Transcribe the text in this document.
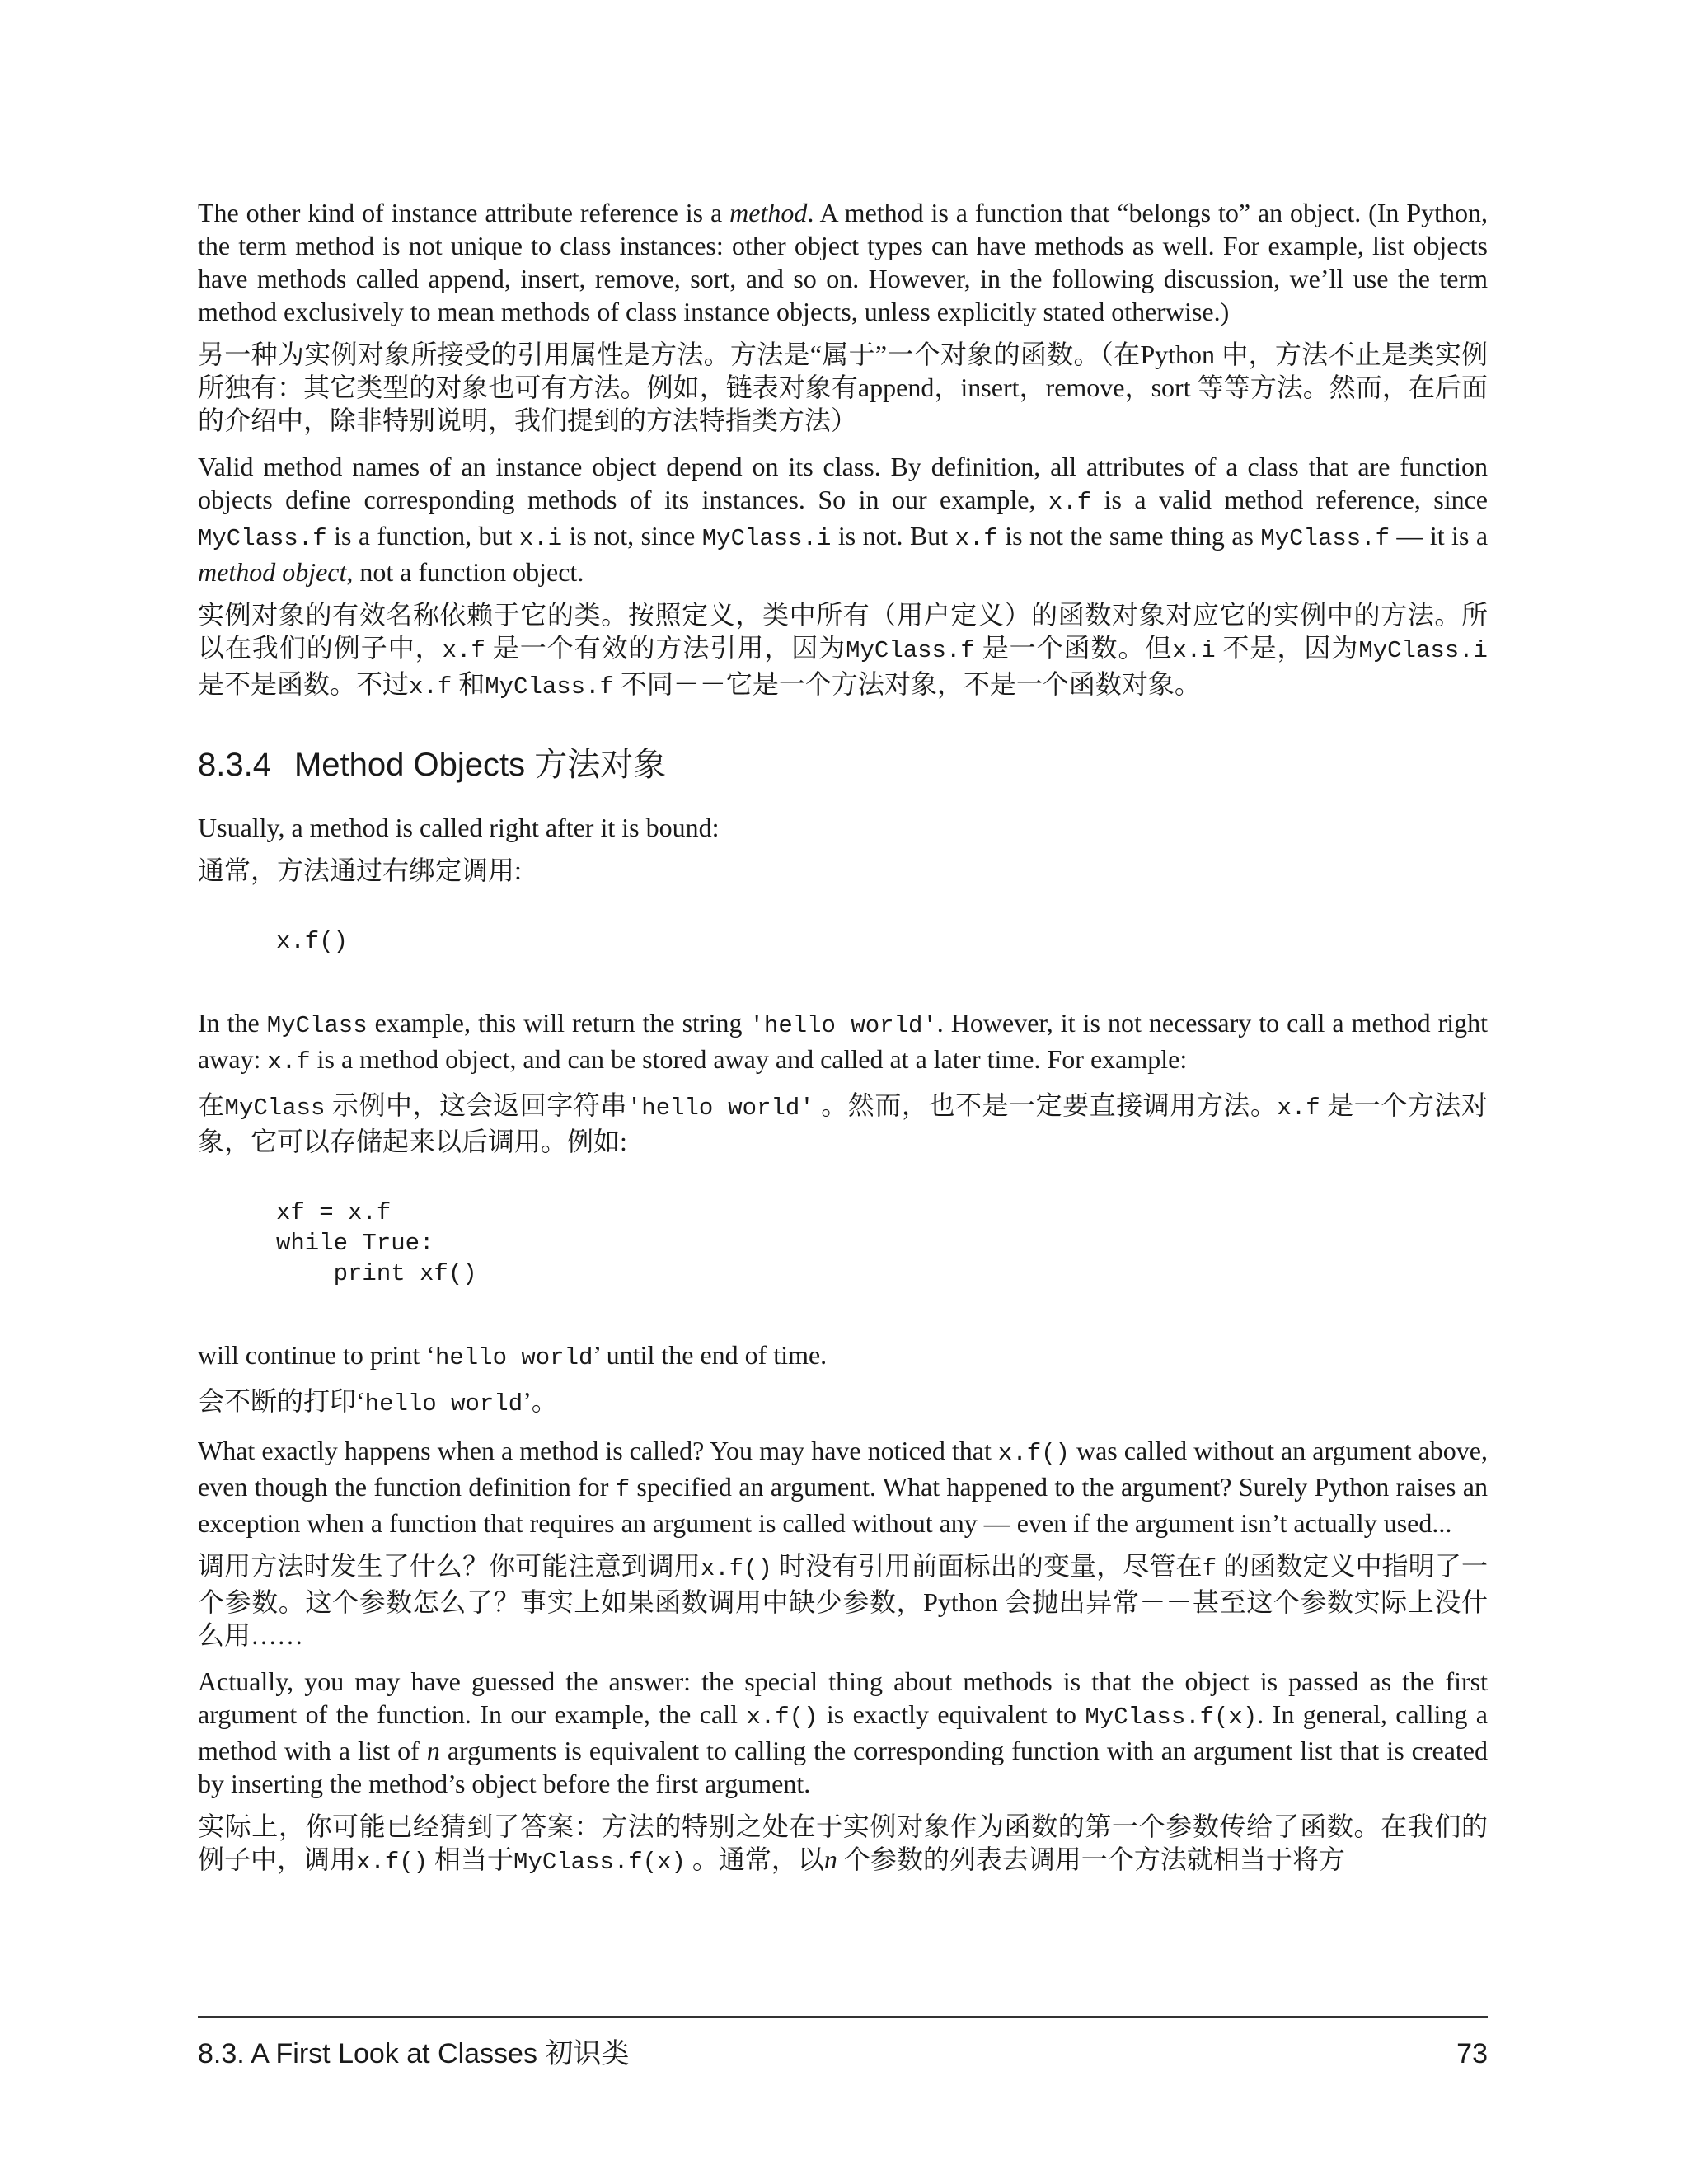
The other kind of instance attribute reference is a method. A method is a function that “belongs to” an object. (In Python, the term method is not unique to class instances: other object types can have methods as well. For example, list objects have methods called append, insert, remove, sort, and so on. However, in the following discussion, we’ll use the term method exclusively to mean methods of class instance objects, unless explicitly stated otherwise.)

另一种为实例对象所接受的引用属性是方法。方法是“属于”一个对象的函数。（在Python 中，方法不止是类实例所独有：其它类型的对象也可有方法。例如，链表对象有append，insert，remove，sort 等等方法。然而，在后面的介绍中，除非特别说明，我们提到的方法特指类方法）

Valid method names of an instance object depend on its class. By definition, all attributes of a class that are function objects define corresponding methods of its instances. So in our example, x.f is a valid method reference, since MyClass.f is a function, but x.i is not, since MyClass.i is not. But x.f is not the same thing as MyClass.f — it is a method object, not a function object.

实例对象的有效名称依赖于它的类。按照定义，类中所有（用户定义）的函数对象对应它的实例中的方法。所以在我们的例子中，x.f 是一个有效的方法引用，因为MyClass.f 是一个函数。但x.i 不是，因为MyClass.i 是不是函数。不过x.f 和MyClass.f 不同－－它是一个方法对象，不是一个函数对象。

8.3.4 Method Objects 方法对象

Usually, a method is called right after it is bound:

通常，方法通过右绑定调用:

x.f()

In the MyClass example, this will return the string 'hello world'. However, it is not necessary to call a method right away: x.f is a method object, and can be stored away and called at a later time. For example:

在MyClass 示例中，这会返回字符串'hello world' 。然而，也不是一定要直接调用方法。x.f 是一个方法对象，它可以存储起来以后调用。例如:

xf = x.f
while True:
print xf()

will continue to print ‘hello world’ until the end of time.

会不断的打印‘hello world’。

What exactly happens when a method is called? You may have noticed that x.f() was called without an argument above, even though the function definition for f specified an argument. What happened to the argument? Surely Python raises an exception when a function that requires an argument is called without any — even if the argument isn’t actually used...

调用方法时发生了什么？你可能注意到调用x.f() 时没有引用前面标出的变量，尽管在f 的函数定义中指明了一个参数。这个参数怎么了？事实上如果函数调用中缺少参数，Python 会抛出异常－－甚至这个参数实际上没什么用……

Actually, you may have guessed the answer: the special thing about methods is that the object is passed as the first argument of the function. In our example, the call x.f() is exactly equivalent to MyClass.f(x). In general, calling a method with a list of n arguments is equivalent to calling the corresponding function with an argument list that is created by inserting the method’s object before the first argument.

实际上，你可能已经猜到了答案：方法的特别之处在于实例对象作为函数的第一个参数传给了函数。在我们的例子中，调用x.f() 相当于MyClass.f(x) 。通常，以n 个参数的列表去调用一个方法就相当于将方

8.3. A First Look at Classes 初识类	73
